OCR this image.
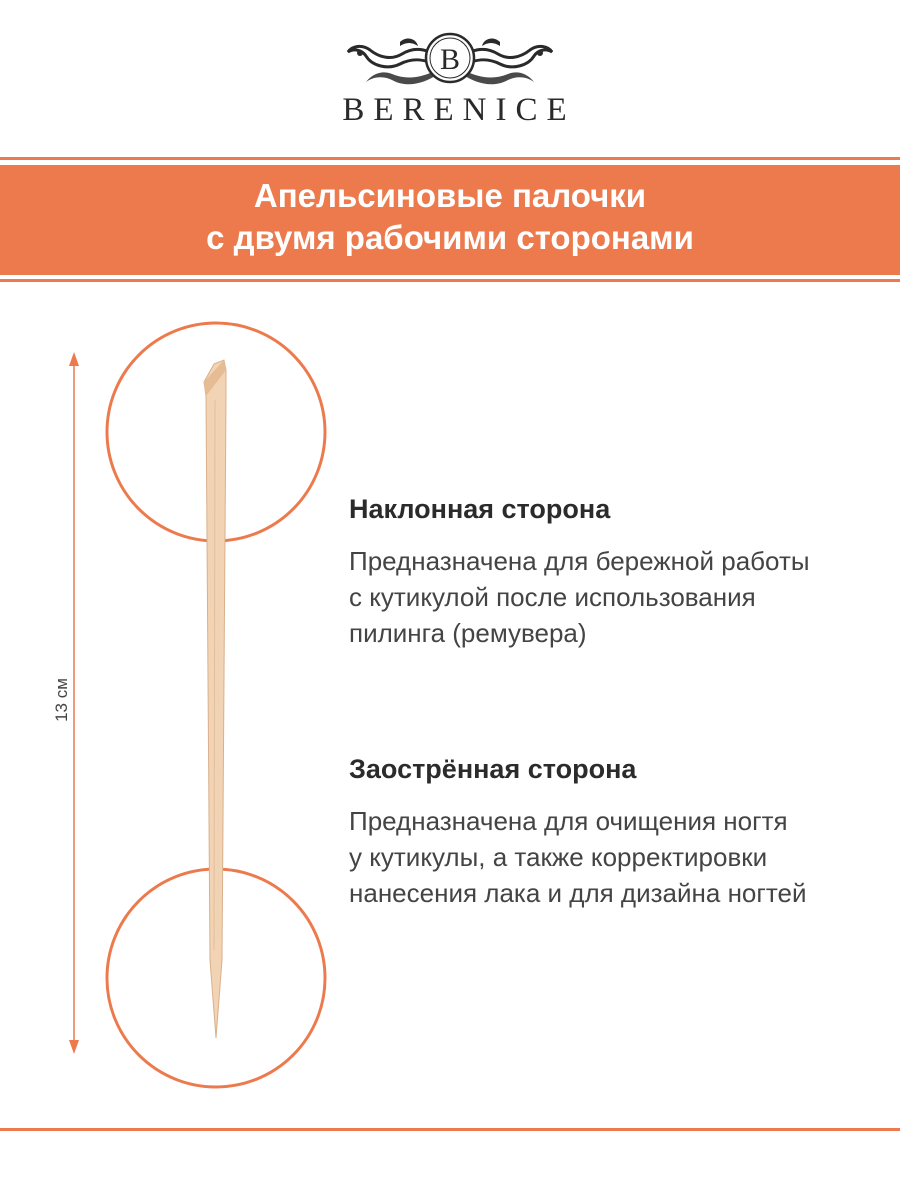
B
BERENICE
Апельсиновые палочки
с двумя рабочими сторонами
13 см
Наклонная сторона

Предназначена для бережной работы
с кутикулой после использования
пилинга (ремувера)

Заострённая сторона

Предназначена для очищения ногтя
у кутикулы, а также корректировки
нанесения лака и для дизайна ногтей
